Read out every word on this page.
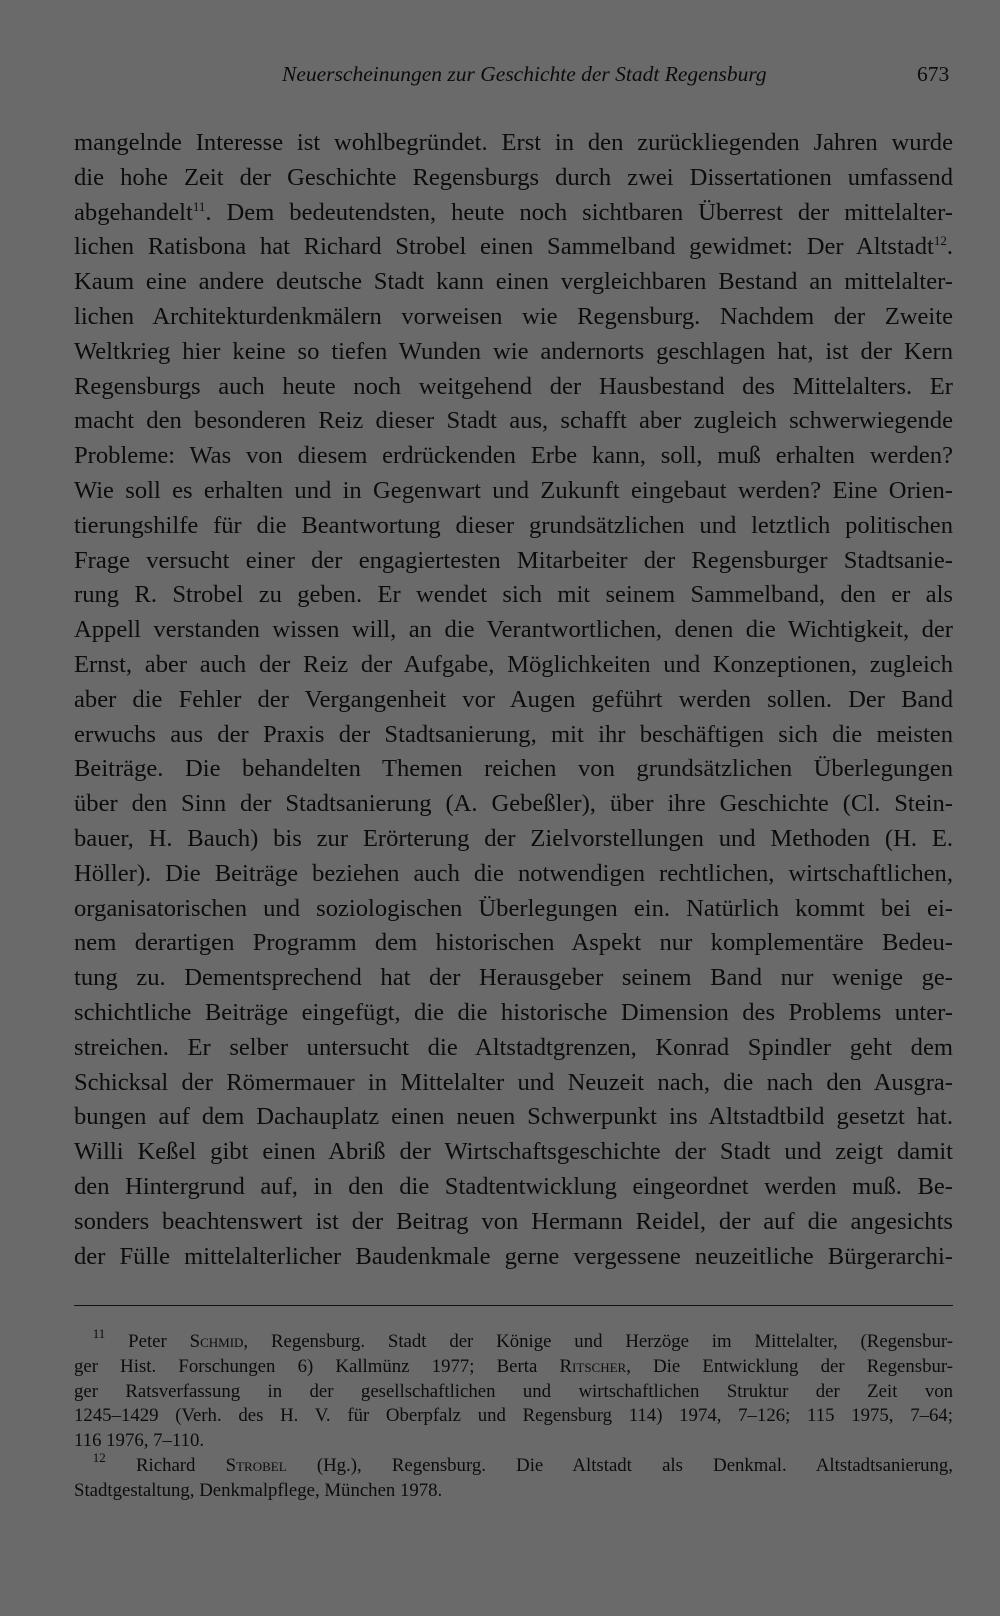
Neuerscheinungen zur Geschichte der Stadt Regensburg	673
mangelnde Interesse ist wohlbegründet. Erst in den zurückliegenden Jahren wurde
die hohe Zeit der Geschichte Regensburgs durch zwei Dissertationen umfassend
abgehandelt$^{11}$. Dem bedeutendsten, heute noch sichtbaren Überrest der mittelalter-
lichen Ratisbona hat Richard Strobel einen Sammelband gewidmet: Der Altstadt$^{12}$.
Kaum eine andere deutsche Stadt kann einen vergleichbaren Bestand an mittelalter-
lichen Architekturdenkmälern vorweisen wie Regensburg. Nachdem der Zweite
Weltkrieg hier keine so tiefen Wunden wie andernorts geschlagen hat, ist der Kern
Regensburgs auch heute noch weitgehend der Hausbestand des Mittelalters. Er
macht den besonderen Reiz dieser Stadt aus, schafft aber zugleich schwerwiegende
Probleme: Was von diesem erdrückenden Erbe kann, soll, muß erhalten werden?
Wie soll es erhalten und in Gegenwart und Zukunft eingebaut werden? Eine Orien-
tierungshilfe für die Beantwortung dieser grundsätzlichen und letztlich politischen
Frage versucht einer der engagiertesten Mitarbeiter der Regensburger Stadtsanie-
rung R. Strobel zu geben. Er wendet sich mit seinem Sammelband, den er als
Appell verstanden wissen will, an die Verantwortlichen, denen die Wichtigkeit, der
Ernst, aber auch der Reiz der Aufgabe, Möglichkeiten und Konzeptionen, zugleich
aber die Fehler der Vergangenheit vor Augen geführt werden sollen. Der Band
erwuchs aus der Praxis der Stadtsanierung, mit ihr beschäftigen sich die meisten
Beiträge. Die behandelten Themen reichen von grundsätzlichen Überlegungen
über den Sinn der Stadtsanierung (A. Gebeßler), über ihre Geschichte (Cl. Stein-
bauer, H. Bauch) bis zur Erörterung der Zielvorstellungen und Methoden (H. E.
Höller). Die Beiträge beziehen auch die notwendigen rechtlichen, wirtschaftlichen,
organisatorischen und soziologischen Überlegungen ein. Natürlich kommt bei ei-
nem derartigen Programm dem historischen Aspekt nur komplementäre Bedeu-
tung zu. Dementsprechend hat der Herausgeber seinem Band nur wenige ge-
schichtliche Beiträge eingefügt, die die historische Dimension des Problems unter-
streichen. Er selber untersucht die Altstadtgrenzen, Konrad Spindler geht dem
Schicksal der Römermauer in Mittelalter und Neuzeit nach, die nach den Ausgra-
bungen auf dem Dachauplatz einen neuen Schwerpunkt ins Altstadtbild gesetzt hat.
Willi Keßel gibt einen Abriß der Wirtschaftsgeschichte der Stadt und zeigt damit
den Hintergrund auf, in den die Stadtentwicklung eingeordnet werden muß. Be-
sonders beachtenswert ist der Beitrag von Hermann Reidel, der auf die angesichts
der Fülle mittelalterlicher Baudenkmale gerne vergessene neuzeitliche Bürgerarchi-
 $^{11}$ Peter Schmid, Regensburg. Stadt der Könige und Herzöge im Mittelalter, (Regensbur-
ger Hist. Forschungen 6) Kallmünz 1977; Berta Ritscher, Die Entwicklung der Regensbur-
ger Ratsverfassung in der gesellschaftlichen und wirtschaftlichen Struktur der Zeit von
1245–1429 (Verh. des H. V. für Oberpfalz und Regensburg 114) 1974, 7–126; 115 1975, 7–64;
116 1976, 7–110.
 $^{12}$ Richard Strobel (Hg.), Regensburg. Die Altstadt als Denkmal. Altstadtsanierung,
Stadtgestaltung, Denkmalpflege, München 1978.
